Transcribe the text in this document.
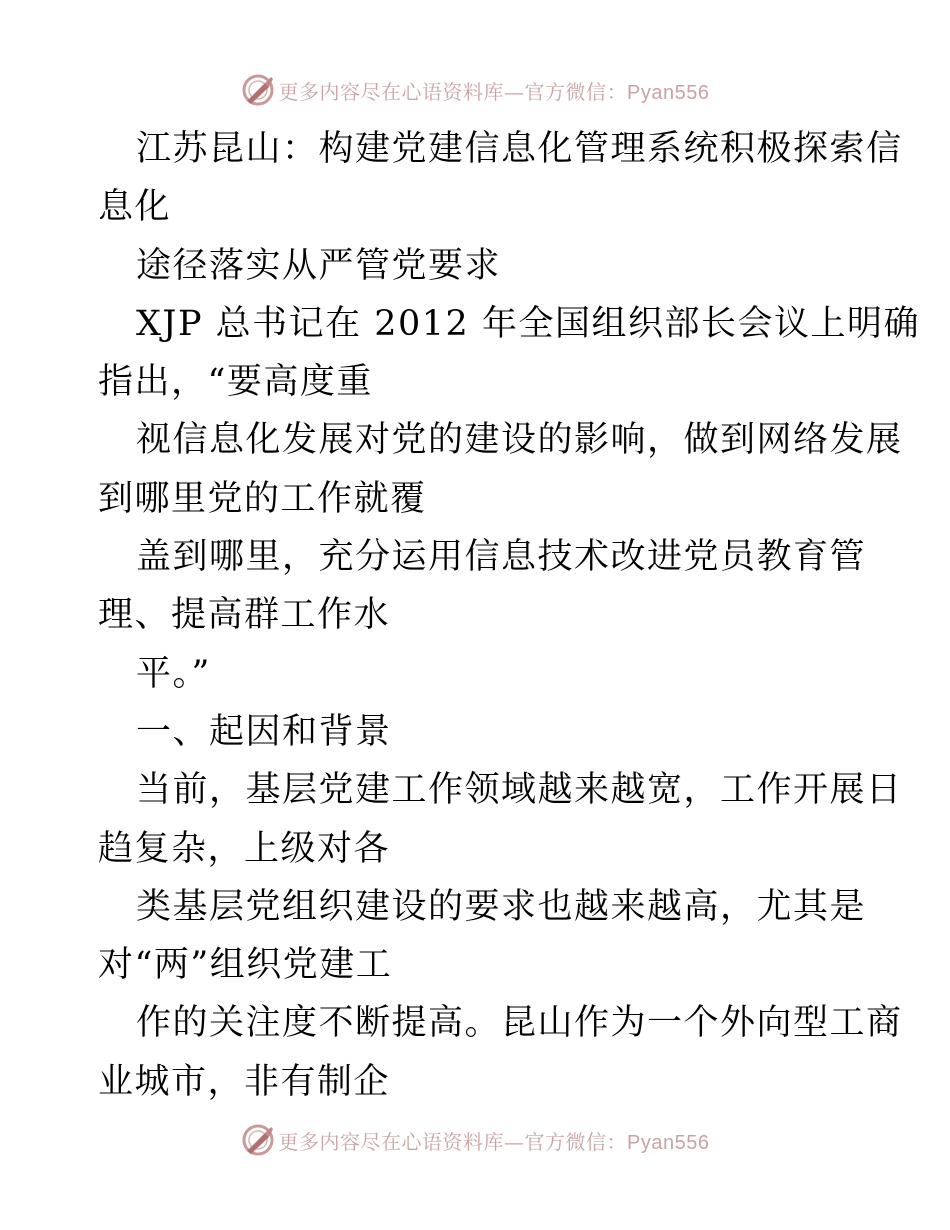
更多内容尽在心语资料库—官方微信：Pyan556

江苏昆山：构建党建信息化管理系统积极探索信

息化

途径落实从严管党要求

XJP 总书记在 2012 年全国组织部长会议上明确

指出，“要高度重

视信息化发展对党的建设的影响，做到网络发展

到哪里党的工作就覆

盖到哪里，充分运用信息技术改进党员教育管

理、提高群工作水

平。”

一、起因和背景

当前，基层党建工作领域越来越宽，工作开展日

趋复杂，上级对各

类基层党组织建设的要求也越来越高，尤其是

对“两”组织党建工

作的关注度不断提高。昆山作为一个外向型工商

业城市，非有制企

更多内容尽在心语资料库—官方微信：Pyan556
